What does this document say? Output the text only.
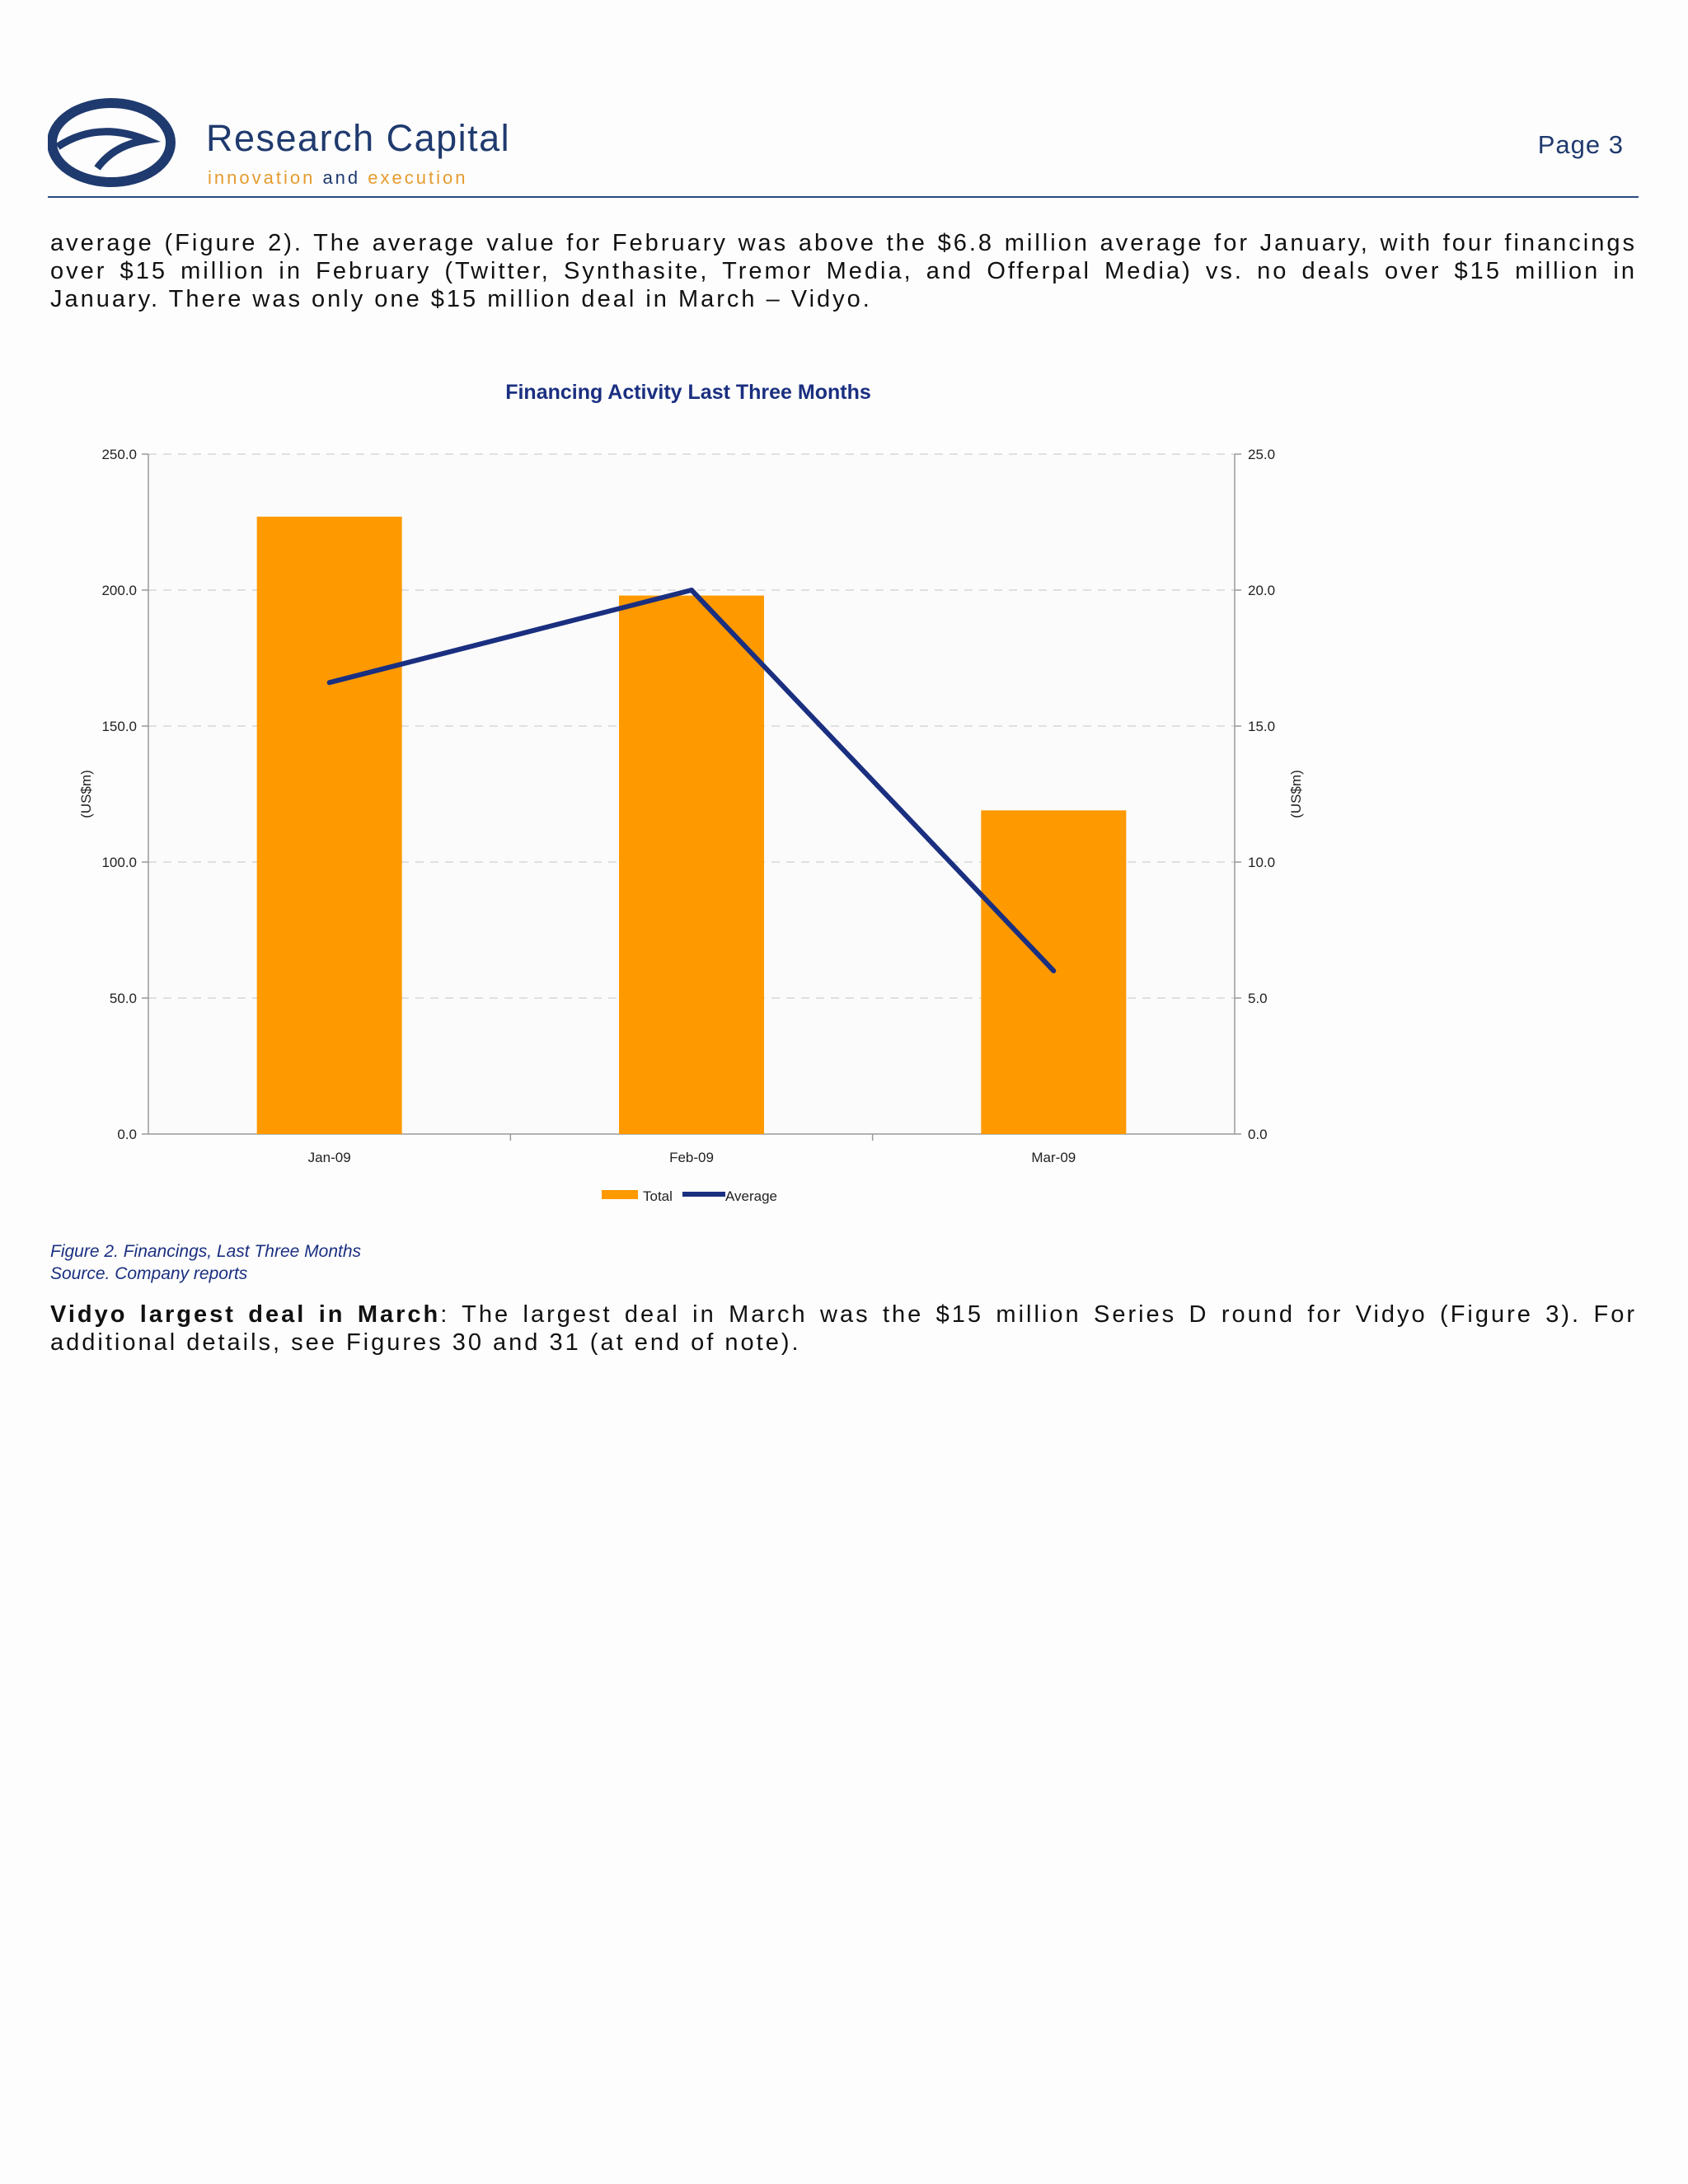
Research Capital
innovation and execution
Page 3

average (Figure 2). The average value for February was above the $6.8 million average for January, with four financings over $15 million in February (Twitter, Synthasite, Tremor Media, and Offerpal Media) vs. no deals over $15 million in January. There was only one $15 million deal in March – Vidyo.

Financing Activity Last Three Months
0.0	0.0
50.0	5.0
100.0	10.0
150.0	15.0
200.0	20.0
250.0	25.0
Jan-09	Feb-09	Mar-09
(US$m)	(US$m)
Total	Average
Figure 2. Financings, Last Three Months
Source. Company reports

Vidyo largest deal in March: The largest deal in March was the $15 million Series D round for Vidyo (Figure 3). For additional details, see Figures 30 and 31 (at end of note).
